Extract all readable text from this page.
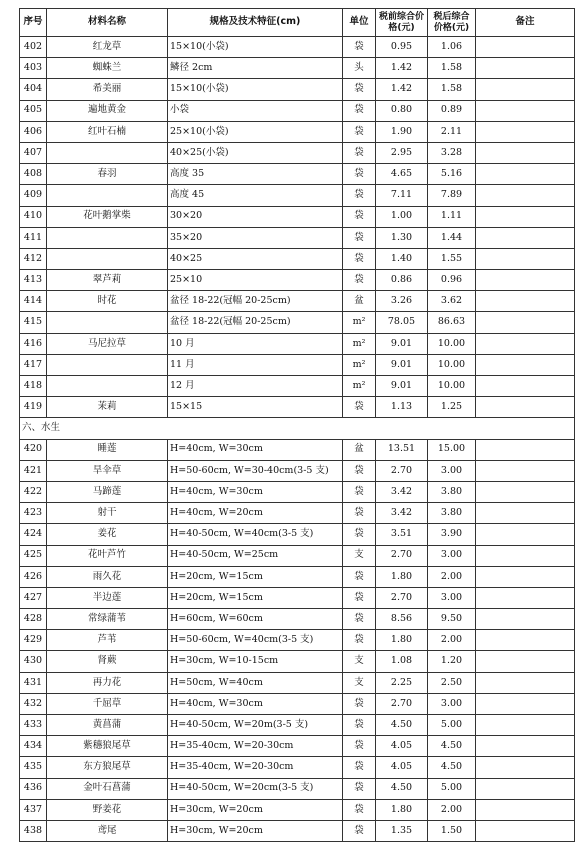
序号	材料名称	规格及技术特征(cm)	单位	税前综合价格(元)	税后综合价格(元)	备注
402	红龙草	15×10(小袋)	袋	0.95	1.06	
403	蜘蛛兰	鳞径 2cm	头	1.42	1.58	
404	希美丽	15×10(小袋)	袋	1.42	1.58	
405	遍地黄金	小袋	袋	0.80	0.89	
406	红叶石楠	25×10(小袋)	袋	1.90	2.11	
407		40×25(小袋)	袋	2.95	3.28	
408	春羽	高度 35	袋	4.65	5.16	
409		高度 45	袋	7.11	7.89	
410	花叶鹅掌柴	30×20	袋	1.00	1.11	
411		35×20	袋	1.30	1.44	
412		40×25	袋	1.40	1.55	
413	翠芦莉	25×10	袋	0.86	0.96	
414	时花	盆径 18-22(冠幅 20-25cm)	盆	3.26	3.62	
415		盆径 18-22(冠幅 20-25cm)	m²	78.05	86.63	
416	马尼拉草	10 月	m²	9.01	10.00	
417		11 月	m²	9.01	10.00	
418		12 月	m²	9.01	10.00	
419	茉莉	15×15	袋	1.13	1.25	
六、水生						
420	睡莲	H=40cm, W=30cm	盆	13.51	15.00	
421	旱伞草	H=50-60cm, W=30-40cm(3-5 支)	袋	2.70	3.00	
422	马蹄莲	H=40cm, W=30cm	袋	3.42	3.80	
423	射干	H=40cm, W=20cm	袋	3.42	3.80	
424	姜花	H=40-50cm, W=40cm(3-5 支)	袋	3.51	3.90	
425	花叶芦竹	H=40-50cm, W=25cm	支	2.70	3.00	
426	雨久花	H=20cm, W=15cm	袋	1.80	2.00	
427	半边莲	H=20cm, W=15cm	袋	2.70	3.00	
428	常绿蒲苇	H=60cm, W=60cm	袋	8.56	9.50	
429	芦苇	H=50-60cm, W=40cm(3-5 支)	袋	1.80	2.00	
430	肾蕨	H=30cm, W=10-15cm	支	1.08	1.20	
431	再力花	H=50cm, W=40cm	支	2.25	2.50	
432	千屈草	H=40cm, W=30cm	袋	2.70	3.00	
433	黄菖蒲	H=40-50cm, W=20m(3-5 支)	袋	4.50	5.00	
434	紫穗狼尾草	H=35-40cm, W=20-30cm	袋	4.05	4.50	
435	东方狼尾草	H=35-40cm, W=20-30cm	袋	4.05	4.50	
436	金叶石菖蒲	H=40-50cm, W=20cm(3-5 支)	袋	4.50	5.00	
437	野姜花	H=30cm, W=20cm	袋	1.80	2.00	
438	鸢尾	H=30cm, W=20cm	袋	1.35	1.50	
